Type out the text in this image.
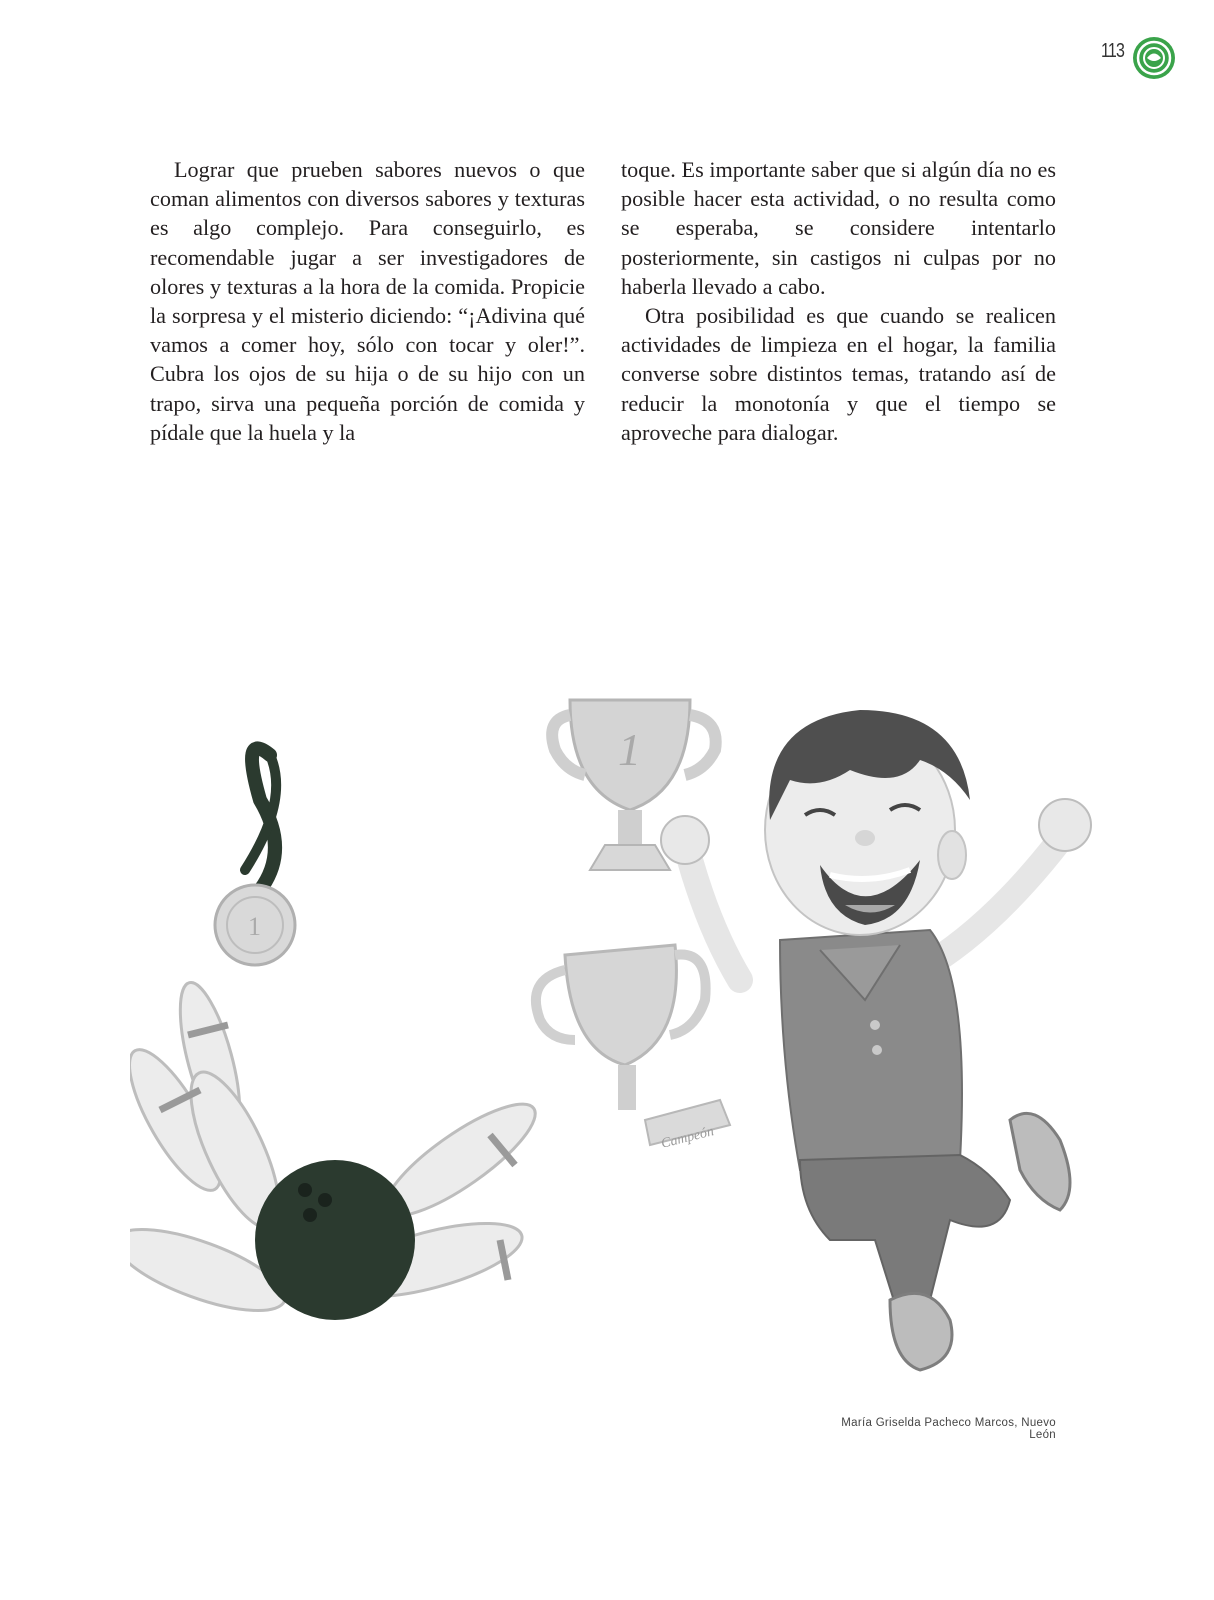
113

Lograr que prueben sabores nuevos o que coman alimentos con diversos sabores y texturas es algo complejo. Para conseguirlo, es recomendable jugar a ser investigadores de olores y texturas a la hora de la comida. Propicie la sorpresa y el misterio diciendo: “¡Adivina qué vamos a comer hoy, sólo con tocar y oler!”. Cubra los ojos de su hija o de su hijo con un trapo, sirva una pequeña porción de comida y pídale que la huela y la

toque. Es importante saber que si algún día no es posible hacer esta actividad, o no resulta como se esperaba, se considere intentarlo posteriormente, sin castigos ni culpas por no haberla llevado a cabo.

Otra posibilidad es que cuando se realicen actividades de limpieza en el hogar, la familia converse sobre distintos temas, tratando así de reducir la monotonía y que el tiempo se aproveche para dialogar.

1
1
Campeón
María Griselda Pacheco Marcos, Nuevo León
